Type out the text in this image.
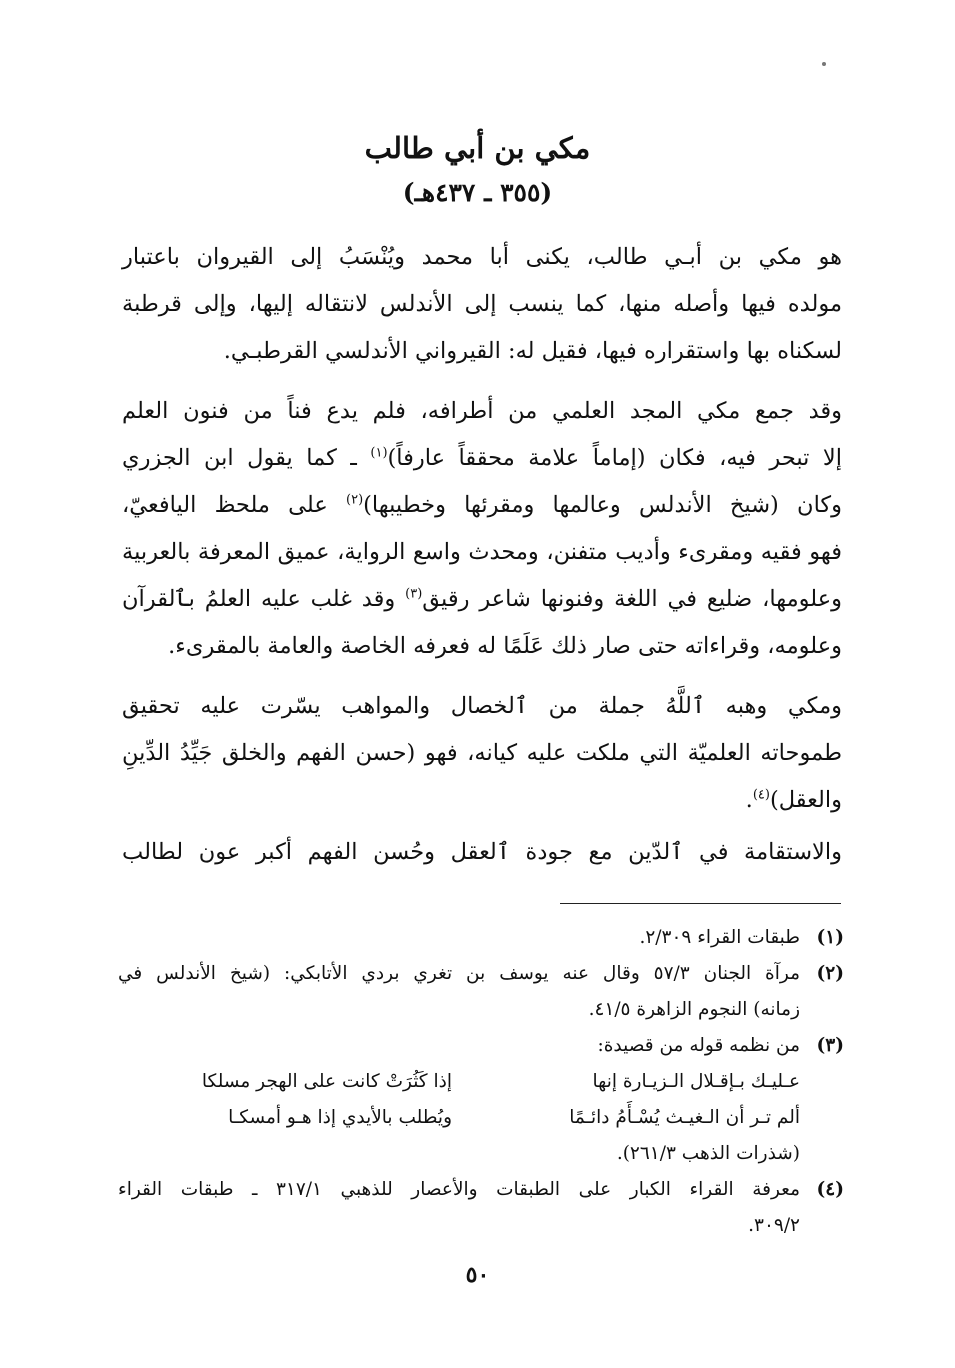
مكي بن أبي طالب
(٣٥٥ ـ ٤٣٧هـ)
هو مكي بن أبـي طالب، يكنى أبا محمد ويُنْسَبُ إلى القيروان باعتبار
مولده فيها وأصله منها، كما ينسب إلى الأندلس لانتقاله إليها، وإلى قرطبة
لسكناه بها واستقراره فيها، فقيل له: القيرواني الأندلسي القرطبـي.
وقد جمع مكي المجد العلمي من أطرافه، فلم يدع فناً من فنون العلم
إلا تبحر فيه، فكان (إماماً علامة محققاً عارفاً)$^{(١)}$ ـ كما يقول ابن الجزري
وكان (شيخ الأندلس وعالمها ومقرئها وخطيبها)$^{(٢)}$ على ملحظ اليافعيّ،
فهو فقيه ومقرىء وأديب متفنن، ومحدث واسع الرواية، عميق المعرفة بالعربية
وعلومها، ضليع في اللغة وفنونها شاعر رقيق$^{(٣)}$ وقد غلب عليه العلمُ بٱلقرآن
وعلومه، وقراءاته حتى صار ذلك عَلَمًا له فعرفه الخاصة والعامة بالمقرىء.
ومكي وهبه ٱللَّهُ جملة من ٱلخصال والمواهب يسّرت عليه تحقيق
طموحاته العلميّة التي ملكت عليه كيانه، فهو (حسن الفهم والخلق جَيِّدُ الدِّينِ
والعقل)$^{(٤)}$.
والاستقامة في ٱلدّين مع جودة ٱلعقل وحُسن الفهم أكبر عون لطالب
(١)
طبقات القراء ٢/٣٠٩.
(٢)
مرآة الجنان ٥٧/٣ وقال عنه يوسف بن تغري بردي الأتابكي: (شيخ الأندلس في
زمانه) النجوم الزاهرة ٤١/٥.
(٣)
من نظمه قوله من قصيدة:
عـليـك بـإقـلال الـزيـارة إنها
إذا كَثُرَتْ كانت على الهجر مسلكا
ألم تـر أن الـغيـث يُسْـأَمُ دائـمًا
ويُطلب بالأيدي إذا هـو أمسكـا
(شذرات الذهب ٢٦١/٣).
(٤)
معرفة القراء الكبار على الطبقات والأعصار للذهبي ٣١٧/١ ـ طبقات القراء
٣٠٩/٢.
٥٠
